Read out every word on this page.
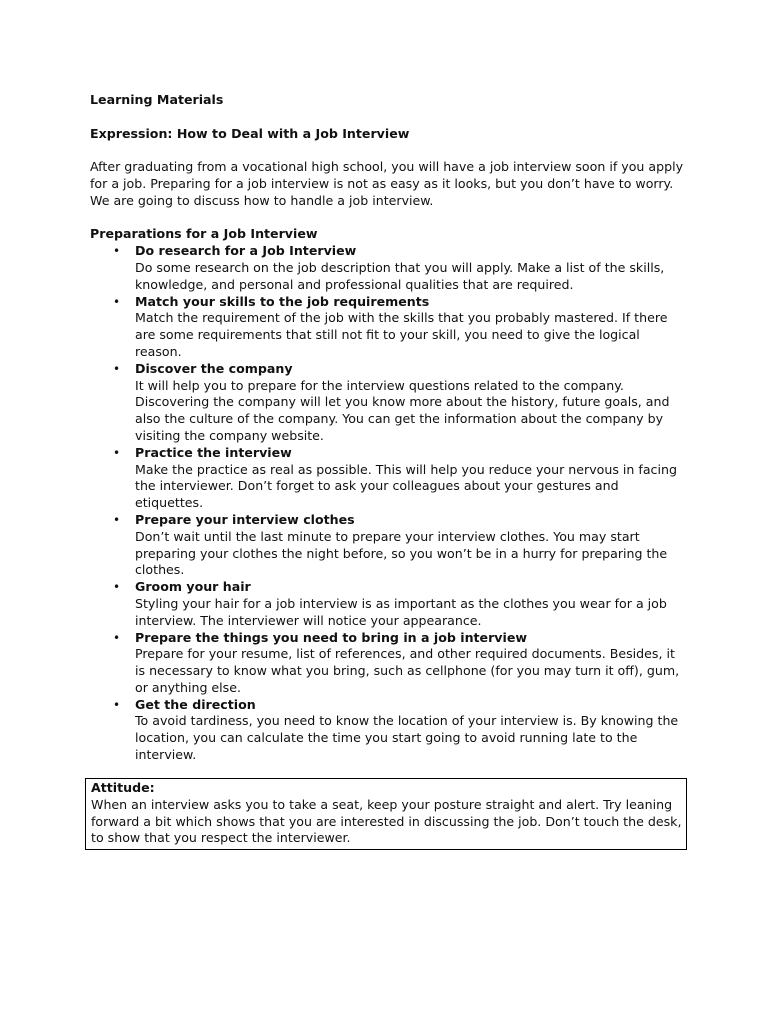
Learning Materials

Expression: How to Deal with a Job Interview

After graduating from a vocational high school, you will have a job interview soon if you apply for a job. Preparing for a job interview is not as easy as it looks, but you don’t have to worry. We are going to discuss how to handle a job interview.

Preparations for a Job Interview

• Do research for a Job Interview
Do some research on the job description that you will apply. Make a list of the skills, knowledge, and personal and professional qualities that are required.
• Match your skills to the job requirements
Match the requirement of the job with the skills that you probably mastered. If there are some requirements that still not fit to your skill, you need to give the logical reason.
• Discover the company
It will help you to prepare for the interview questions related to the company. Discovering the company will let you know more about the history, future goals, and also the culture of the company. You can get the information about the company by visiting the company website.
• Practice the interview
Make the practice as real as possible. This will help you reduce your nervous in facing the interviewer. Don’t forget to ask your colleagues about your gestures and etiquettes.
• Prepare your interview clothes
Don’t wait until the last minute to prepare your interview clothes. You may start preparing your clothes the night before, so you won’t be in a hurry for preparing the clothes.
• Groom your hair
Styling your hair for a job interview is as important as the clothes you wear for a job interview. The interviewer will notice your appearance.
• Prepare the things you need to bring in a job interview
Prepare for your resume, list of references, and other required documents. Besides, it is necessary to know what you bring, such as cellphone (for you may turn it off), gum, or anything else.
• Get the direction
To avoid tardiness, you need to know the location of your interview is. By knowing the location, you can calculate the time you start going to avoid running late to the interview.
Attitude:
When an interview asks you to take a seat, keep your posture straight and alert. Try leaning forward a bit which shows that you are interested in discussing the job. Don’t touch the desk, to show that you respect the interviewer.
